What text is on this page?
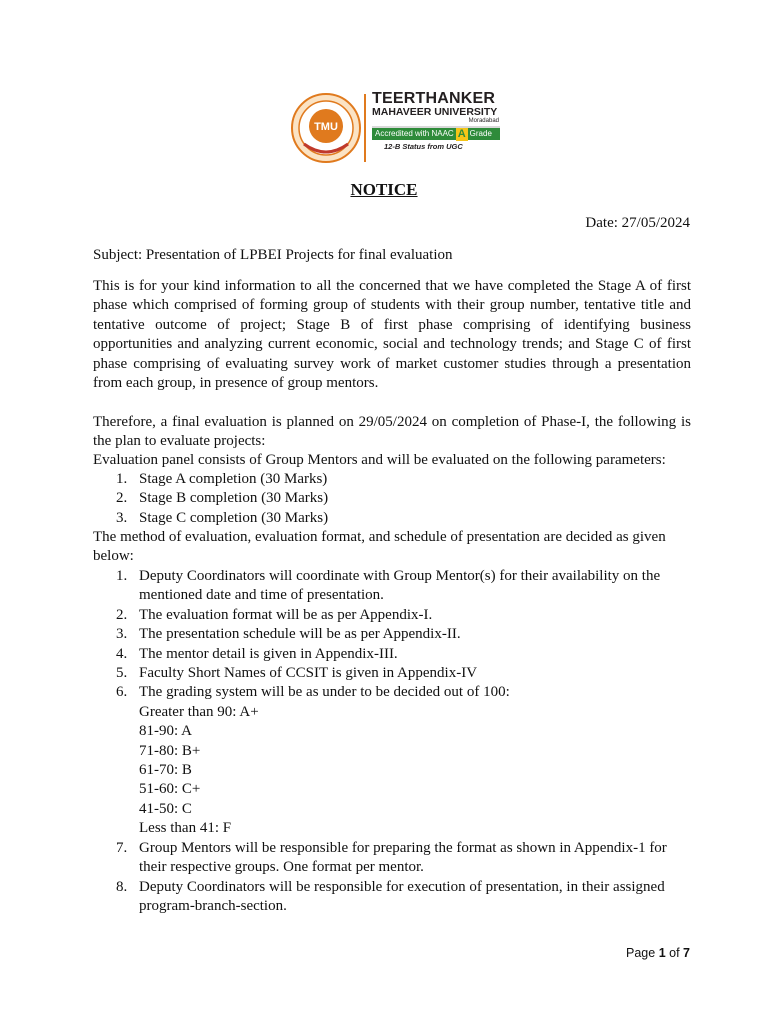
TMU
TEERTHANKER
MAHAVEER UNIVERSITY
Moradabad
Accredited with NAAC A Grade
12-B Status from UGC
NOTICE
Date: 27/05/2024
Subject: Presentation of LPBEI Projects for final evaluation

This is for your kind information to all the concerned that we have completed the Stage A of first phase which comprised of forming group of students with their group number, tentative title and tentative outcome of project; Stage B of first phase comprising of identifying business opportunities and analyzing current economic, social and technology trends; and Stage C of first phase comprising of evaluating survey work of market customer studies through a presentation from each group, in presence of group mentors.

Therefore, a final evaluation is planned on 29/05/2024 on completion of Phase-I, the following is the plan to evaluate projects:

Evaluation panel consists of Group Mentors and will be evaluated on the following parameters:
1. Stage A completion (30 Marks)
2. Stage B completion (30 Marks)
3. Stage C completion (30 Marks)
The method of evaluation, evaluation format, and schedule of presentation are decided as given
below:
1. Deputy Coordinators will coordinate with Group Mentor(s) for their availability on the mentioned date and time of presentation.
2. The evaluation format will be as per Appendix-I.
3. The presentation schedule will be as per Appendix-II.
4. The mentor detail is given in Appendix-III.
5. Faculty Short Names of CCSIT is given in Appendix-IV
6. The grading system will be as under to be decided out of 100:
Greater than 90: A+
81-90: A
71-80: B+
61-70: B
51-60: C+
41-50: C
Less than 41: F
7. Group Mentors will be responsible for preparing the format as shown in Appendix-1 for their respective groups. One format per mentor.
8. Deputy Coordinators will be responsible for execution of presentation, in their assigned program-branch-section.
Page 1 of 7
